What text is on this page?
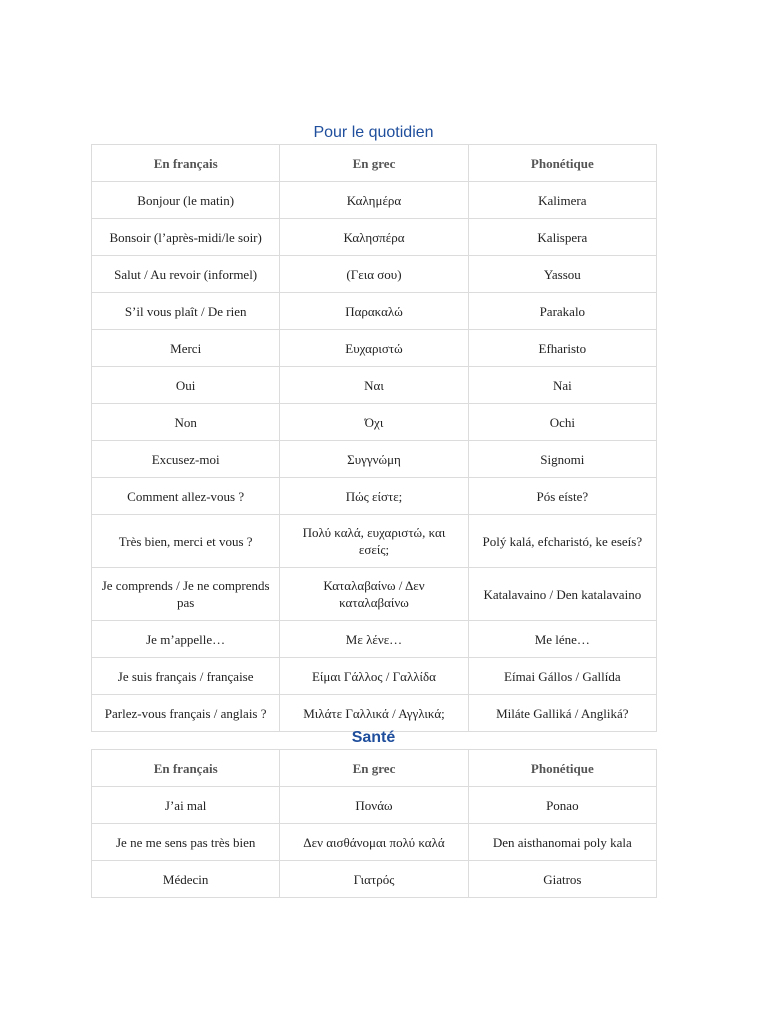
Pour le quotidien
En français	En grec	Phonétique
Bonjour (le matin)	Καλημέρα	Kalimera
Bonsoir (l’après-midi/le soir)	Καλησπέρα	Kalispera
Salut / Au revoir (informel)	(Γεια σου)	Yassou
S’il vous plaît / De rien	Παρακαλώ	Parakalo
Merci	Ευχαριστώ	Efharisto
Oui	Ναι	Nai
Non	Όχι	Ochi
Excusez-moi	Συγγνώμη	Signomi
Comment allez-vous ?	Πώς είστε;	Pós eíste?
Très bien, merci et vous ?	Πολύ καλά, ευχαριστώ, και εσείς;	Polý kalá, efcharistó, ke eseís?
Je comprends / Je ne comprends pas	Καταλαβαίνω / Δεν καταλαβαίνω	Katalavaino / Den katalavaino
Je m’appelle…	Με λένε…	Me léne…
Je suis français / française	Είμαι Γάλλος / Γαλλίδα	Eímai Gállos / Gallída
Parlez-vous français / anglais ?	Μιλάτε Γαλλικά / Αγγλικά;	Miláte Galliká / Angliká?
Santé
En français	En grec	Phonétique
J’ai mal	Πονάω	Ponao
Je ne me sens pas très bien	Δεν αισθάνομαι πολύ καλά	Den aisthanomai poly kala
Médecin	Γιατρός	Giatros
